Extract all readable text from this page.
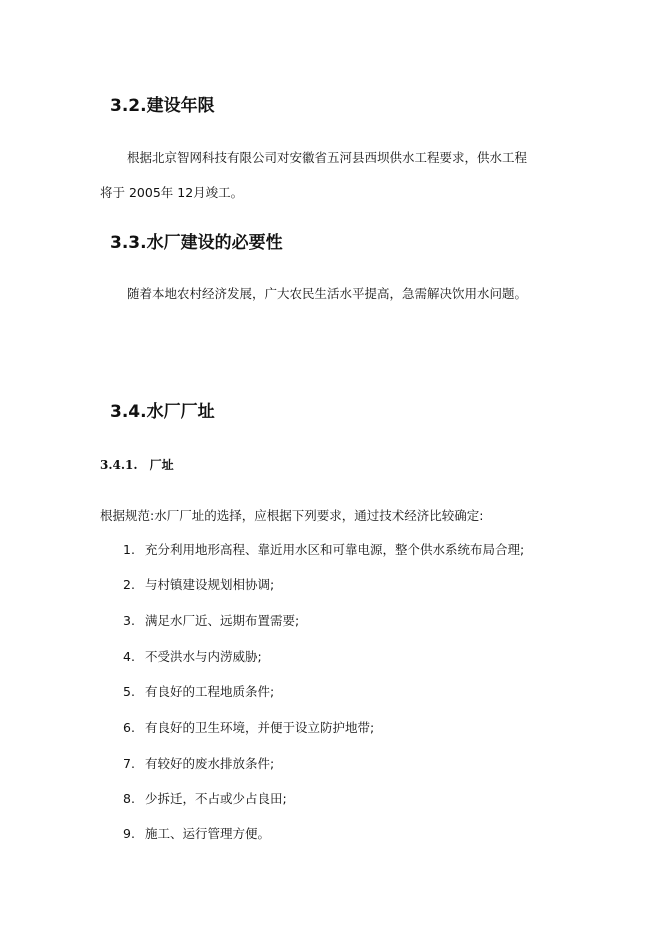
3.2.建设年限

根据北京智网科技有限公司对安徽省五河县西坝供水工程要求，供水工程

将于 2005年 12月竣工。

3.3.水厂建设的必要性

随着本地农村经济发展，广大农民生活水平提高，急需解决饮用水问题。

3.4.水厂厂址
3.4.1. 厂址

根据规范:水厂厂址的选择，应根据下列要求，通过技术经济比较确定:

1. 充分利用地形高程、靠近用水区和可靠电源，整个供水系统布局合理;

2. 与村镇建设规划相协调;

3. 满足水厂近、远期布置需要;

4. 不受洪水与内涝威胁;

5. 有良好的工程地质条件;

6. 有良好的卫生环境，并便于设立防护地带;

7. 有较好的废水排放条件;

8. 少拆迁，不占或少占良田;

9. 施工、运行管理方便。
